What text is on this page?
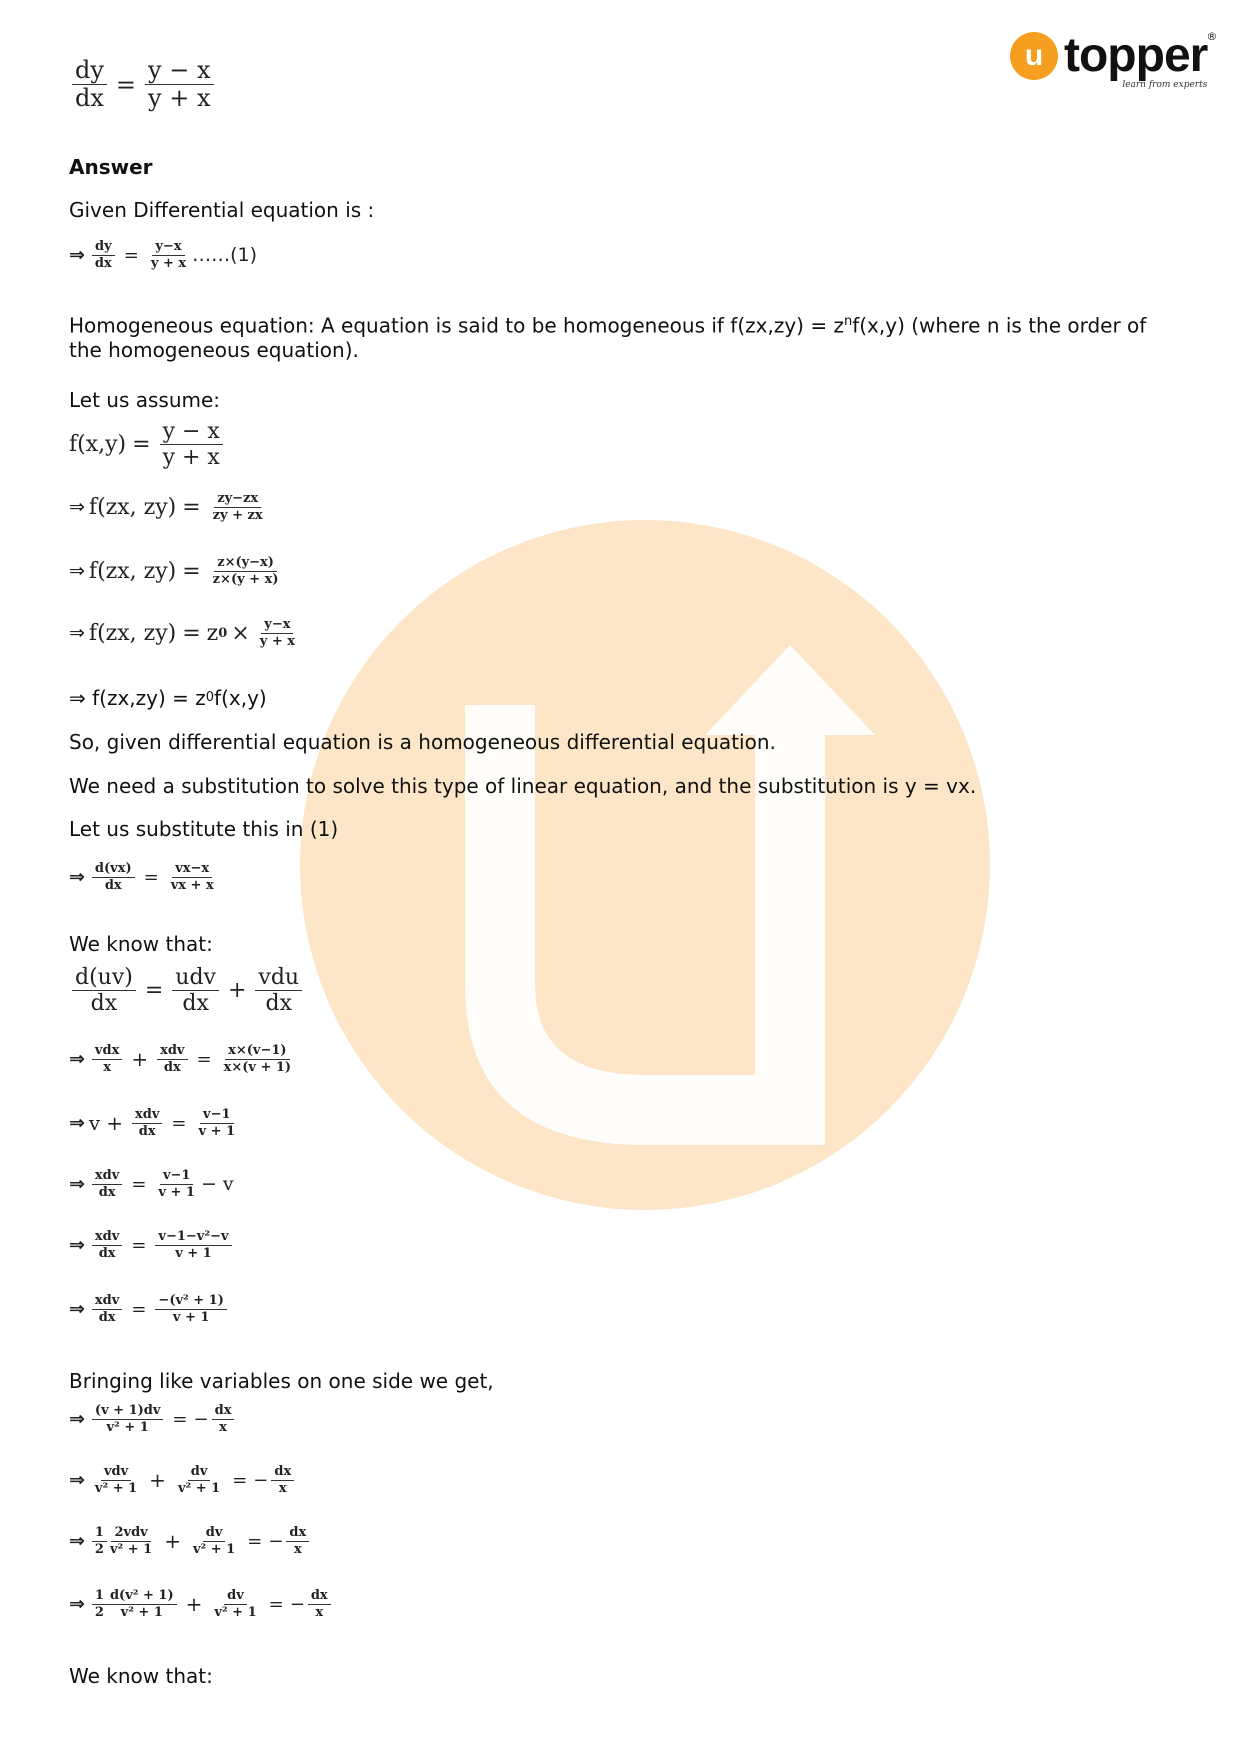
u topper ®
learn from experts
$\frac{dy}{dx} = \frac{y - x}{y + x}$
Answer
Given Differential equation is :
⇒ $\frac{dy}{dx} = \frac{y-x}{y + x}$ ……(1)
Homogeneous equation: A equation is said to be homogeneous if $f(zx,zy) = z^nf(x,y)$ (where n is the order of the homogeneous equation).
Let us assume:
$f(x,y) = \frac{y - x}{y + x}$
⇒ f(zx, $zy) = \frac{zy-zx}{zy + zx}$
⇒ f(zx, $zy) = \frac{z\times(y-x)}{z\times(y + x)}$
⇒ f(zx, zy) = z $0 \times \frac{y-x}{y + x}$
⇒ f(zx,zy) = z 0 f(x,y)
So, given differential equation is a homogeneous differential equation.
We need a substitution to solve this type of linear equation, and the substitution is y = vx.
Let us substitute this in (1)
⇒ $\frac{d(vx)}{dx} = \frac{vx-x}{vx + x}$
We know that:
$\frac{d(uv)}{dx} = \frac{\text{udv}}{dx} + \frac{\text{vdu}}{dx}$
⇒ $\frac{\text{vdx}}{x} + \frac{\text{xdv}}{dx} = \frac{x\times(v-1)}{x\times(v + 1)}$
⇒ $v + \frac{\text{xdv}}{dx} = \frac{v-1}{v + 1}$
⇒ $\frac{\text{xdv}}{dx} = \frac{v-1}{v + 1} - v$
⇒ $\frac{\text{xdv}}{dx} = \frac{\text{v−1−v²−v}}{v + 1}$
⇒ $\frac{\text{xdv}}{dx} = \frac{\text{−(v² + 1)}}{v + 1}$
Bringing like variables on one side we get,
⇒ $\frac{(v + 1)dv}{\text{v² + 1}}$ = − $\frac{dx}{x}$
⇒ $\frac{\text{vdv}}{\text{v² + 1}} + \frac{dv}{\text{v² + 1}}$ = − $\frac{dx}{x}$
⇒ $\frac{1}{2} \frac{\text{2vdv}}{\text{v² + 1}} + \frac{dv}{\text{v² + 1}}$ = − $\frac{dx}{x}$
⇒ $\frac{1}{2} \frac{\text{d(v² + 1)}}{\text{v² + 1}} + \frac{dv}{\text{v² + 1}}$ = − $\frac{dx}{x}$
We know that:
